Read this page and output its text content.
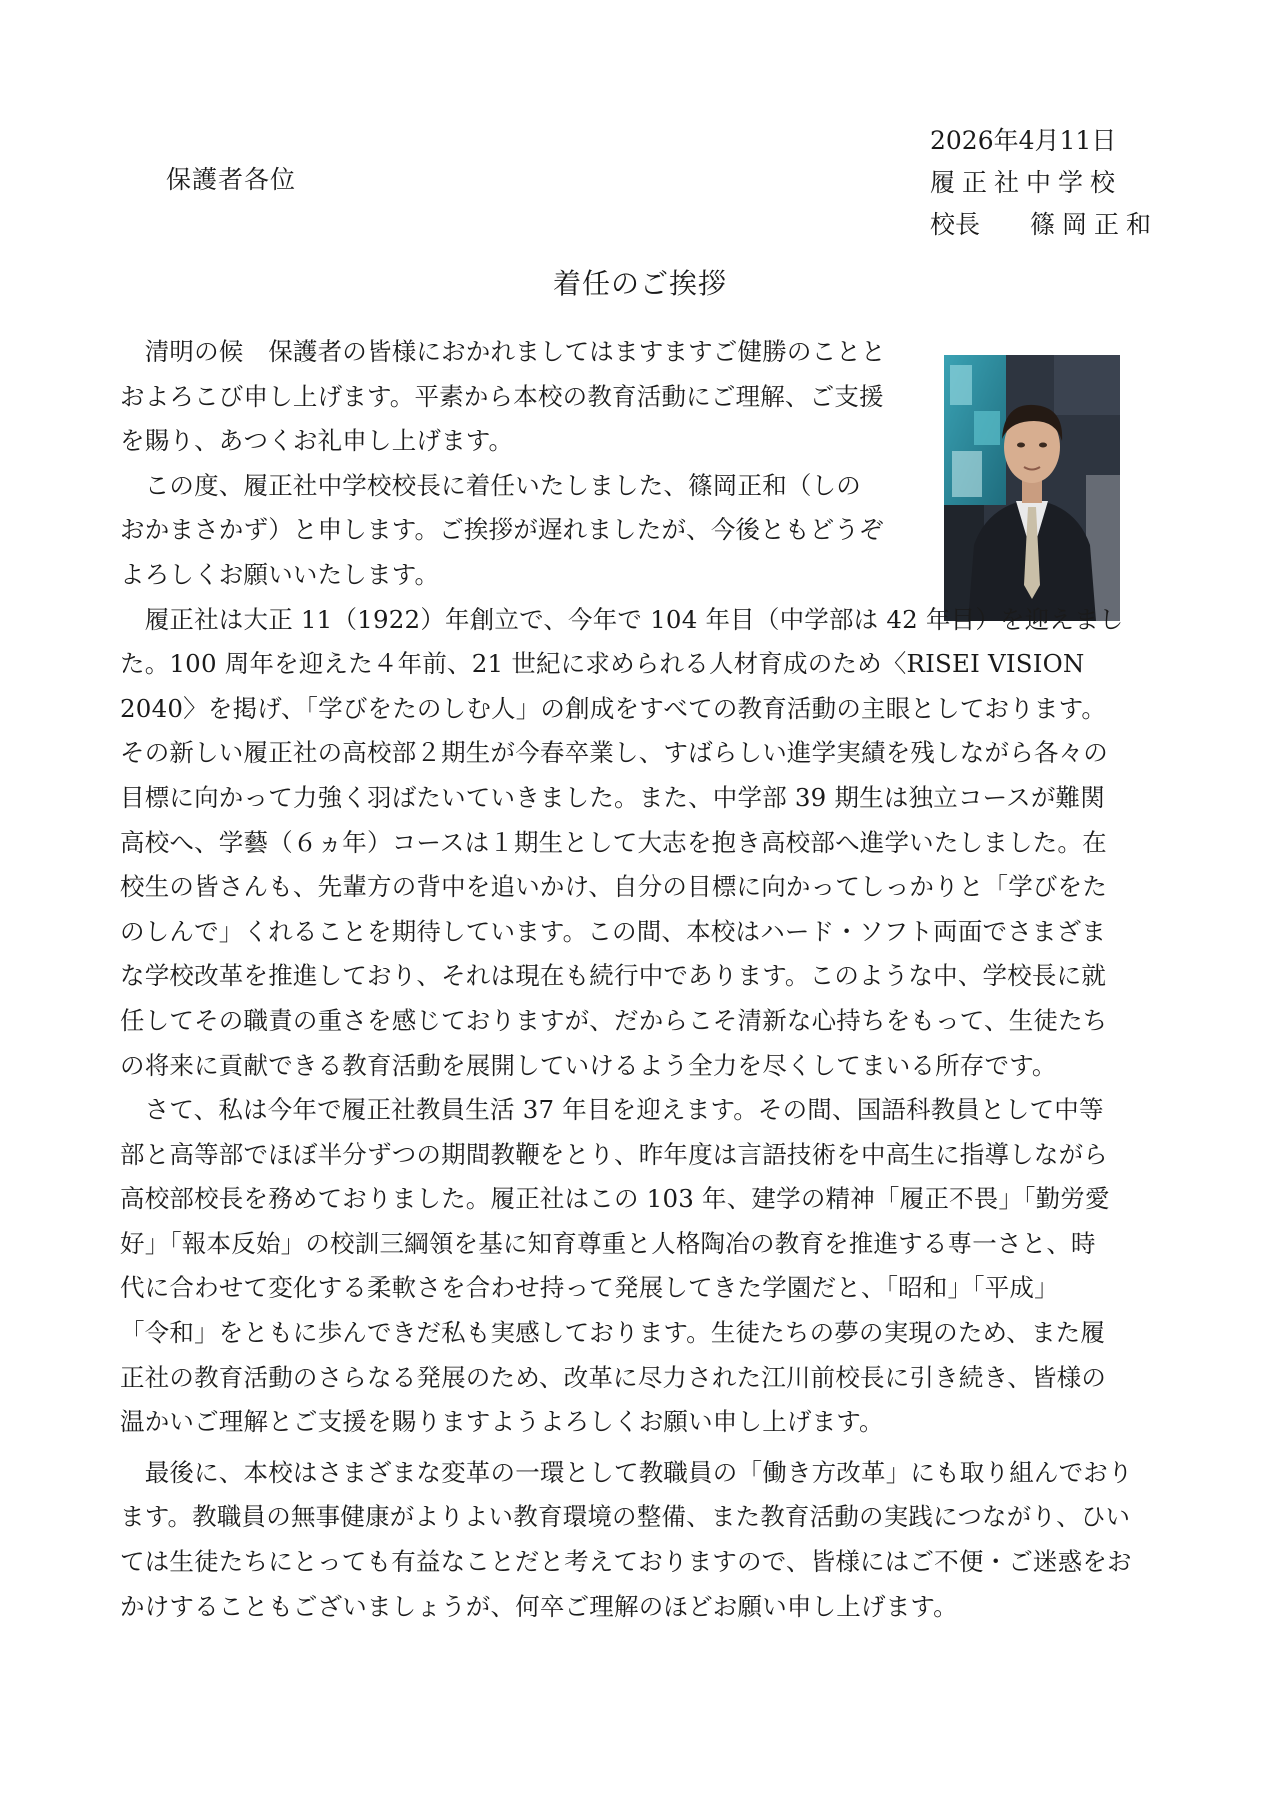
保護者各位
2026年4月11日
履正社中学校
校長　　 篠岡正和
着任のご挨拶
　清明の候　保護者の皆様におかれましてはますますご健勝のことと
およろこび申し上げます。平素から本校の教育活動にご理解、ご支援
を賜り、あつくお礼申し上げます。
　この度、履正社中学校校長に着任いたしました、篠岡正和（しの
おかまさかず）と申します。ご挨拶が遅れましたが、今後ともどうぞ
よろしくお願いいたします。
　履正社は大正 11（1922）年創立で、今年で 104 年目（中学部は 42 年目）を迎えまし
た。100 周年を迎えた４年前、21 世紀に求められる人材育成のため〈RISEI VISION
2040〉を掲げ、「学びをたのしむ人」の創成をすべての教育活動の主眼としております。
その新しい履正社の高校部２期生が今春卒業し、すばらしい進学実績を残しながら各々の
目標に向かって力強く羽ばたいていきました。また、中学部 39 期生は独立コースが難関
高校へ、学藝（６ヵ年）コースは１期生として大志を抱き高校部へ進学いたしました。在
校生の皆さんも、先輩方の背中を追いかけ、自分の目標に向かってしっかりと「学びをた
のしんで」くれることを期待しています。この間、本校はハード・ソフト両面でさまざま
な学校改革を推進しており、それは現在も続行中であります。このような中、学校長に就
任してその職責の重さを感じておりますが、だからこそ清新な心持ちをもって、生徒たち
の将来に貢献できる教育活動を展開していけるよう全力を尽くしてまいる所存です。
　さて、私は今年で履正社教員生活 37 年目を迎えます。その間、国語科教員として中等
部と高等部でほぼ半分ずつの期間教鞭をとり、昨年度は言語技術を中高生に指導しながら
高校部校長を務めておりました。履正社はこの 103 年、建学の精神「履正不畏」「勤労愛
好」「報本反始」の校訓三綱領を基に知育尊重と人格陶冶の教育を推進する専一さと、時
代に合わせて変化する柔軟さを合わせ持って発展してきた学園だと、「昭和」「平成」
「令和」をともに歩んできだ私も実感しております。生徒たちの夢の実現のため、また履
正社の教育活動のさらなる発展のため、改革に尽力された江川前校長に引き続き、皆様の
温かいご理解とご支援を賜りますようよろしくお願い申し上げます。
　最後に、本校はさまざまな変革の一環として教職員の「働き方改革」にも取り組んでおり
ます。教職員の無事健康がよりよい教育環境の整備、また教育活動の実践につながり、ひい
ては生徒たちにとっても有益なことだと考えておりますので、皆様にはご不便・ご迷惑をお
かけすることもございましょうが、何卒ご理解のほどお願い申し上げます。
